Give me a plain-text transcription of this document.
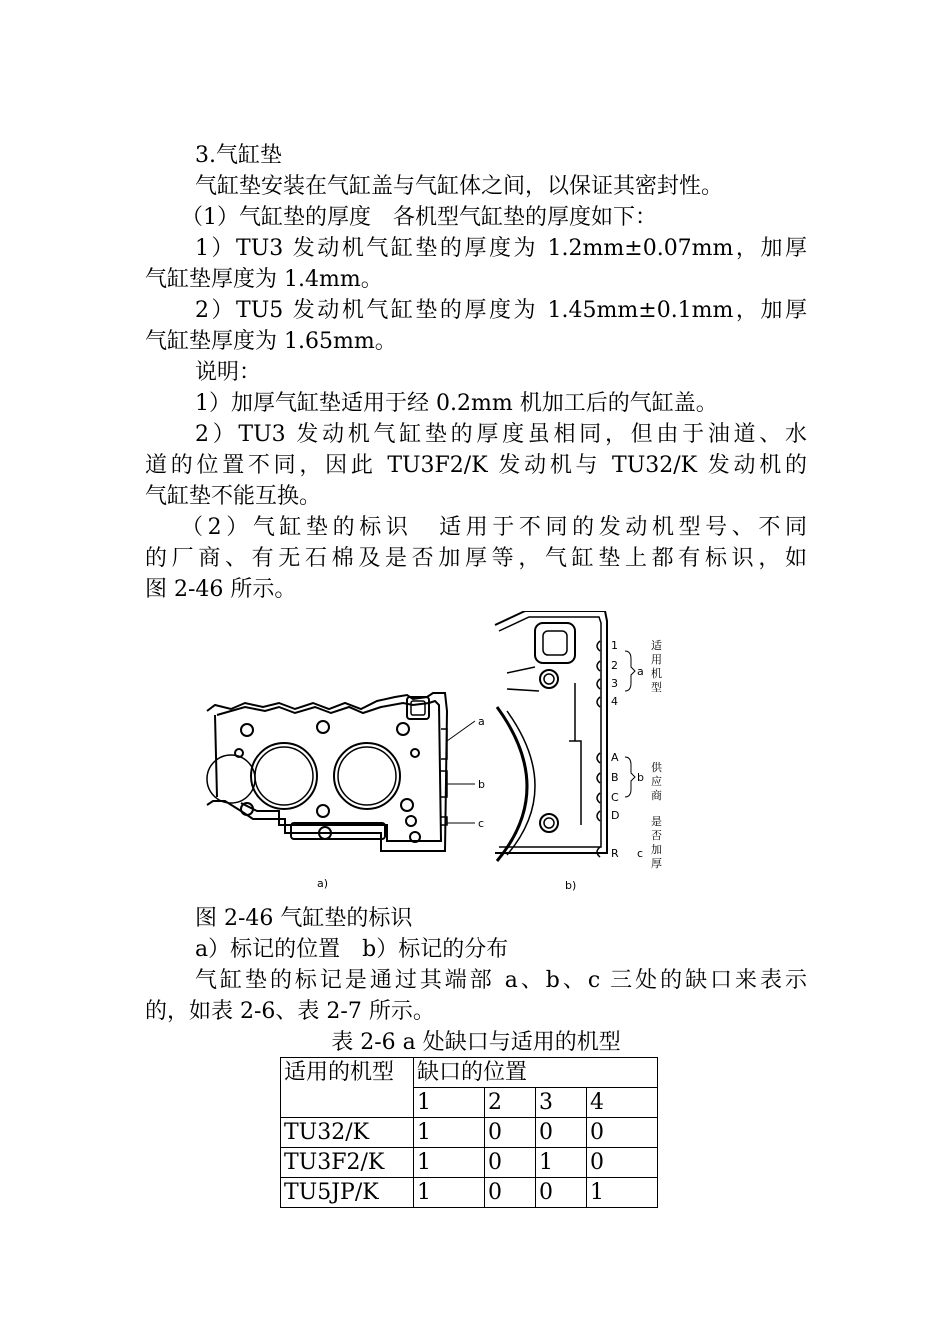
3.气缸垫
气缸垫安装在气缸盖与气缸体之间，以保证其密封性。
（1）气缸垫的厚度　各机型气缸垫的厚度如下：
1）TU3 发动机气缸垫的厚度为 1.2mm±0.07mm，加厚
气缸垫厚度为 1.4mm。
2）TU5 发动机气缸垫的厚度为 1.45mm±0.1mm，加厚
气缸垫厚度为 1.65mm。
说明：
1）加厚气缸垫适用于经 0.2mm 机加工后的气缸盖。
2）TU3 发动机气缸垫的厚度虽相同，但由于油道、水
道的位置不同，因此 TU3F2/K 发动机与 TU32/K 发动机的
气缸垫不能互换。
（2）气缸垫的标识　适用于不同的发动机型号、不同
的厂商、有无石棉及是否加厚等，气缸垫上都有标识，如
图 2-46 所示。
a
b
c
a)
1
2
3
4
A
B
C
D
R
a
b
c
适
用
机
型
供
应
商
是
否
加
厚
b)
图 2-46 气缸垫的标识
a）标记的位置　b）标记的分布
气缸垫的标记是通过其端部 a、b、c 三处的缺口来表示
的，如表 2-6、表 2-7 所示。
表 2-6 a 处缺口与适用的机型
适用的机型	缺口的位置			
	1	2	3	4
TU32/K	1	0	0	0
TU3F2/K	1	0	1	0
TU5JP/K	1	0	0	1
